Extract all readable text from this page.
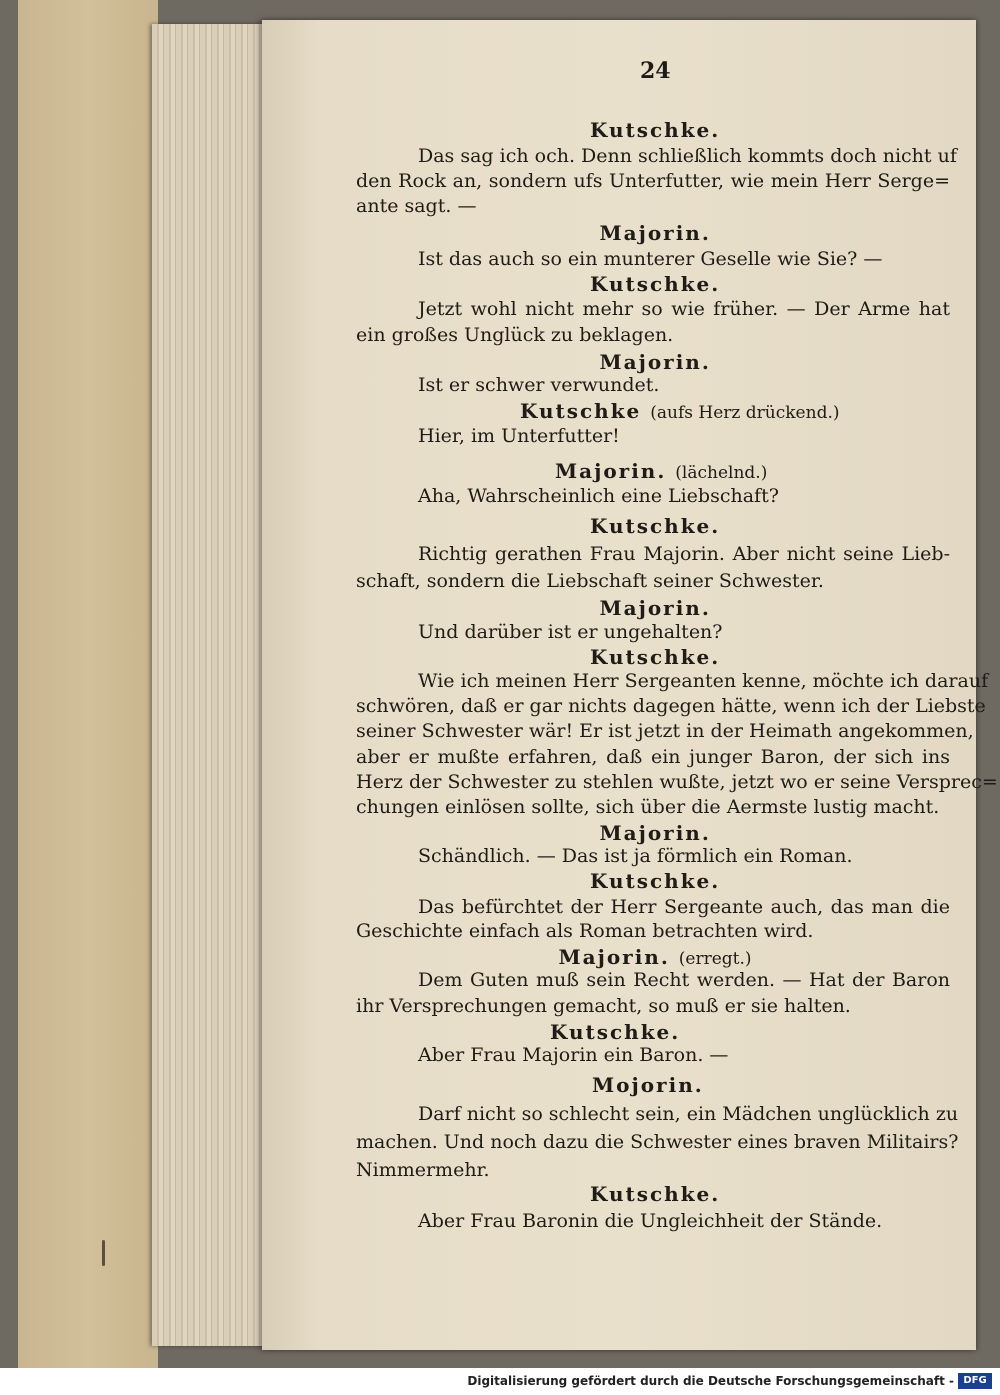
24
Kutschke.
Das sag ich och. Denn schließlich kommts doch nicht uf
den Rock an, sondern ufs Unterfutter, wie mein Herr Serge=
ante sagt. —
Majorin.
Ist das auch so ein munterer Geselle wie Sie? —
Kutschke.
Jetzt wohl nicht mehr so wie früher. — Der Arme hat
ein großes Unglück zu beklagen.
Majorin.
Ist er schwer verwundet.
Kutschke (aufs Herz drückend.)
Hier, im Unterfutter!
Majorin. (lächelnd.)
Aha, Wahrscheinlich eine Liebschaft?
Kutschke.
Richtig gerathen Frau Majorin. Aber nicht seine Lieb-
schaft, sondern die Liebschaft seiner Schwester.
Majorin.
Und darüber ist er ungehalten?
Kutschke.
Wie ich meinen Herr Sergeanten kenne, möchte ich darauf
schwören, daß er gar nichts dagegen hätte, wenn ich der Liebste
seiner Schwester wär! Er ist jetzt in der Heimath angekommen,
aber er mußte erfahren, daß ein junger Baron, der sich ins
Herz der Schwester zu stehlen wußte, jetzt wo er seine Versprec=
chungen einlösen sollte, sich über die Aermste lustig macht.
Majorin.
Schändlich. — Das ist ja förmlich ein Roman.
Kutschke.
Das befürchtet der Herr Sergeante auch, das man die
Geschichte einfach als Roman betrachten wird.
Majorin. (erregt.)
Dem Guten muß sein Recht werden. — Hat der Baron
ihr Versprechungen gemacht, so muß er sie halten.
Kutschke.
Aber Frau Majorin ein Baron. —
Mojorin.
Darf nicht so schlecht sein, ein Mädchen unglücklich zu
machen. Und noch dazu die Schwester eines braven Militairs?
Nimmermehr.
Kutschke.
Aber Frau Baronin die Ungleichheit der Stände.
Digitalisierung gefördert durch die Deutsche Forschungsgemeinschaft - DFG
